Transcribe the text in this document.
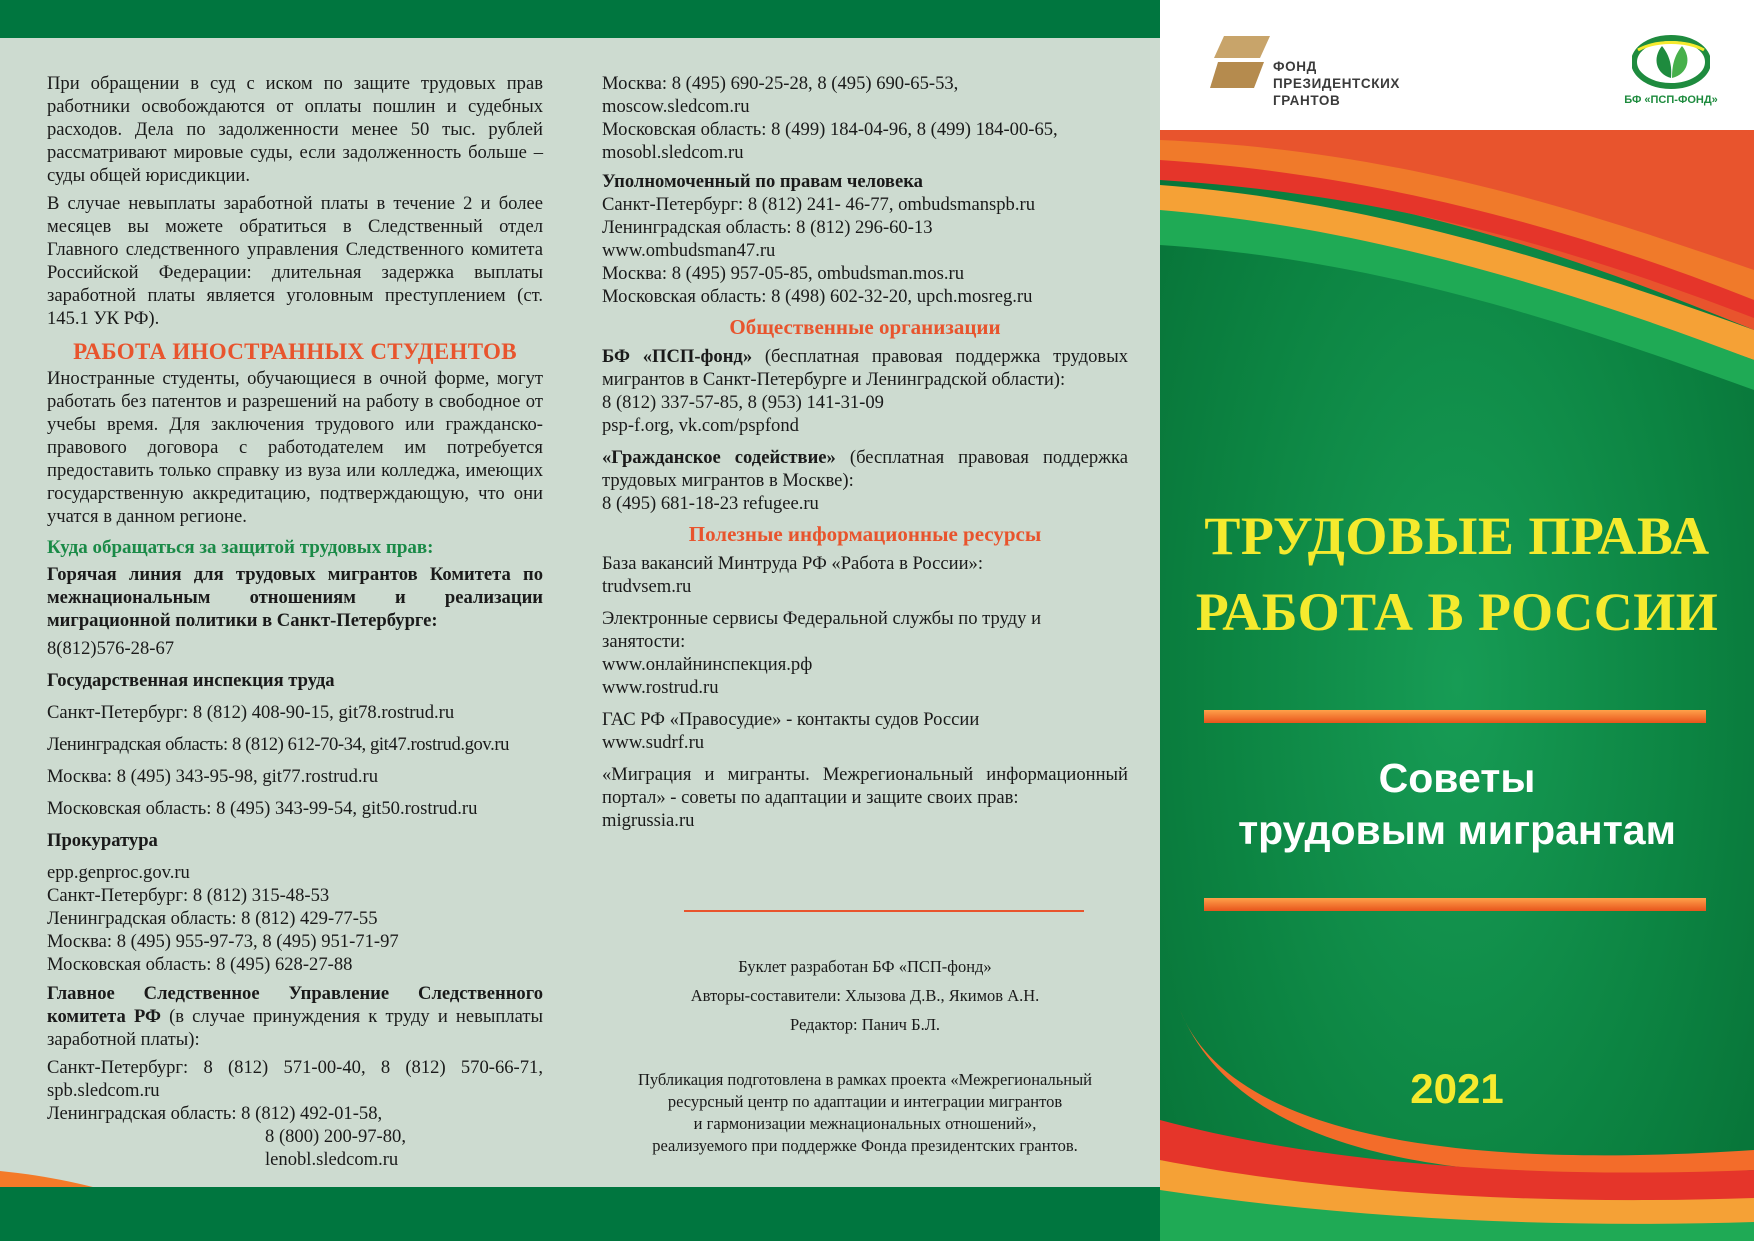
При обращении в суд с иском по защите трудовых прав работники освобождаются от оплаты пошлин и судебных расходов. Дела по задолженности менее 50 тыс. рублей рассматривают мировые суды, если задолженность больше – суды общей юрисдикции.

В случае невыплаты заработной платы в течение 2 и более месяцев вы можете обратиться в Следственный отдел Главного следственного управления Следственного комитета Российской Федерации: длительная задержка выплаты заработной платы является уголовным преступлением (ст. 145.1 УК РФ).

РАБОТА ИНОСТРАННЫХ СТУДЕНТОВ

Иностранные студенты, обучающиеся в очной форме, могут работать без патентов и разрешений на работу в свободное от учебы время. Для заключения трудового или гражданско-правового договора с работодателем им потребуется предоставить только справку из вуза или колледжа, имеющих государственную аккредитацию, подтверждающую, что они учатся в данном регионе.

Куда обращаться за защитой трудовых прав:

Горячая линия для трудовых мигрантов Комитета по межнациональным отношениям и реализации миграционной политики в Санкт-Петербурге:

8(812)576-28-67

Государственная инспекция труда

Санкт-Петербург: 8 (812) 408-90-15, git78.rostrud.ru
Ленинградская область: 8 (812) 612-70-34, git47.rostrud.gov.ru
Москва: 8 (495) 343-95-98, git77.rostrud.ru
Московская область: 8 (495) 343-99-54, git50.rostrud.ru

Прокуратура

epp.genproc.gov.ru
Санкт-Петербург: 8 (812) 315-48-53
Ленинградская область: 8 (812) 429-77-55
Москва: 8 (495) 955-97-73, 8 (495) 951-71-97
Московская область: 8 (495) 628-27-88

Главное Следственное Управление Следственного комитета РФ (в случае принуждения к труду и невыплаты заработной платы):

Санкт-Петербург: 8 (812) 571-00-40, 8 (812) 570-66-71, spb.sledcom.ru

Ленинградская область: 8 (812) 492-01-58,
8 (800) 200-97-80,
lenobl.sledcom.ru
Москва: 8 (495) 690-25-28, 8 (495) 690-65-53,
moscow.sledcom.ru
Московская область: 8 (499) 184-04-96, 8 (499) 184-00-65,
mosobl.sledcom.ru
Уполномоченный по правам человека
Санкт-Петербург: 8 (812) 241- 46-77, ombudsmanspb.ru
Ленинградская область: 8 (812) 296-60-13
www.ombudsman47.ru
Москва: 8 (495) 957-05-85, ombudsman.mos.ru
Московская область: 8 (498) 602-32-20, upch.mosreg.ru
Общественные организации

БФ «ПСП-фонд» (бесплатная правовая поддержка трудовых мигрантов в Санкт-Петербурге и Ленинградской области):

8 (812) 337-57-85, 8 (953) 141-31-09
psp-f.org, vk.com/pspfond

«Гражданское содействие» (бесплатная правовая поддержка трудовых мигрантов в Москве):

8 (495) 681-18-23 refugee.ru
Полезные информационные ресурсы
База вакансий Минтруда РФ «Работа в России»:
trudvsem.ru
Электронные сервисы Федеральной службы по труду и занятости:
www.онлайнинспекция.рф
www.rostrud.ru
ГАС РФ «Правосудие» - контакты судов России
www.sudrf.ru
«Миграция и мигранты. Межрегиональный информационный портал» - советы по адаптации и защите своих прав:
migrussia.ru
Буклет разработан БФ «ПСП-фонд»
Авторы-составители: Хлызова Д.В., Якимов А.Н.
Редактор: Панич Б.Л.
Публикация подготовлена в рамках проекта «Межрегиональный
ресурсный центр по адаптации и интеграции мигрантов
и гармонизации межнациональных отношений»,
реализуемого при поддержке Фонда президентских грантов.
ФОНД
ПРЕЗИДЕНТСКИХ
ГРАНТОВ	БФ «ПСП-ФОНД»
ТРУДОВЫЕ ПРАВА
РАБОТА В РОССИИ
Советы
трудовым мигрантам
2021
